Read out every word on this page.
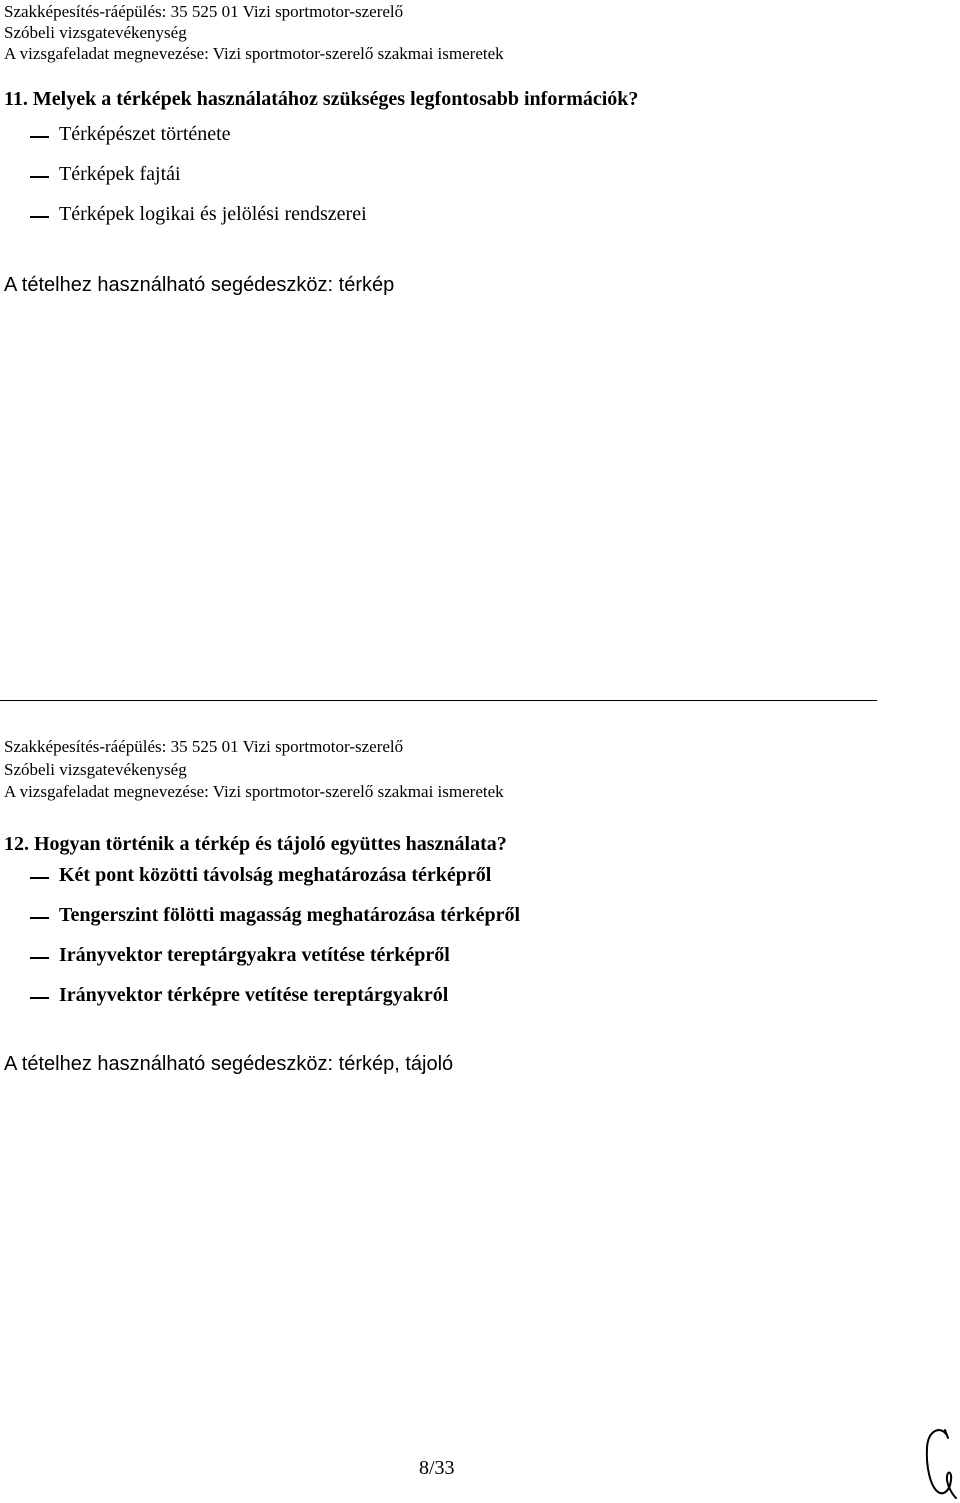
Szakképesítés-ráépülés: 35 525 01 Vizi sportmotor-szerelő
Szóbeli vizsgatevékenység
A vizsgafeladat megnevezése: Vizi sportmotor-szerelő szakmai ismeretek
11. Melyek a térképek használatához szükséges legfontosabb információk?
Térképészet története
Térképek fajtái
Térképek logikai és jelölési rendszerei
A tételhez használható segédeszköz: térkép
Szakképesítés-ráépülés: 35 525 01 Vizi sportmotor-szerelő
Szóbeli vizsgatevékenység
A vizsgafeladat megnevezése: Vizi sportmotor-szerelő szakmai ismeretek
12. Hogyan történik a térkép és tájoló együttes használata?
Két pont közötti távolság meghatározása térképről
Tengerszint fölötti magasság meghatározása térképről
Irányvektor tereptárgyakra vetítése térképről
Irányvektor térképre vetítése tereptárgyakról
A tételhez használható segédeszköz: térkép, tájoló
8/33
